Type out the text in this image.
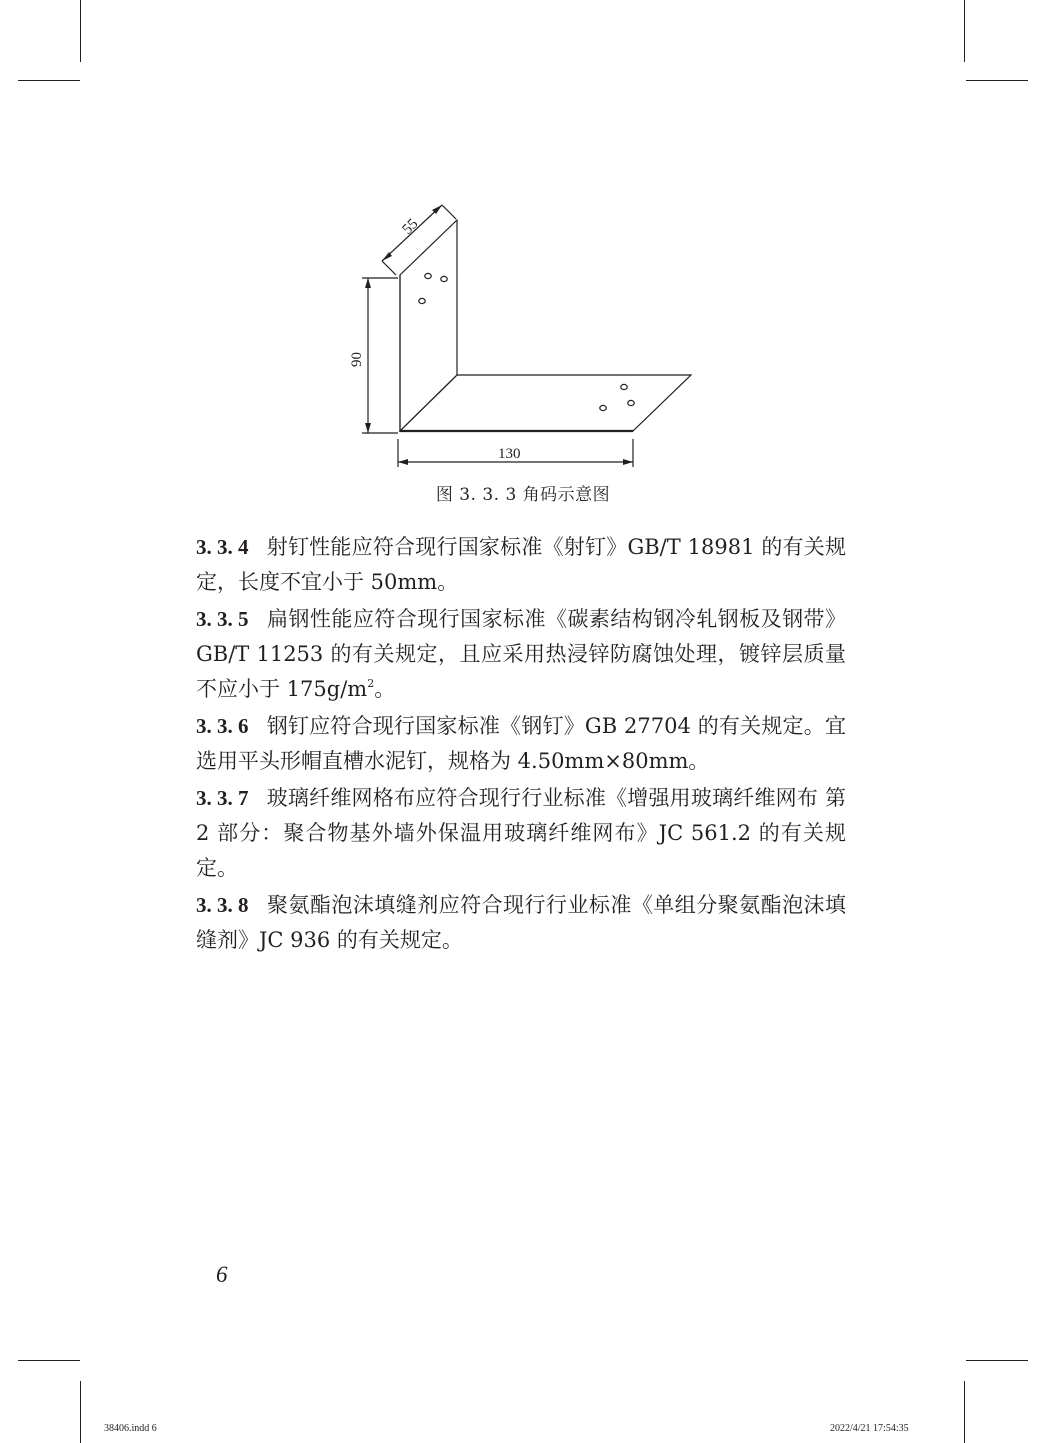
55
90
130
图 3. 3. 3 角码示意图

3. 3. 4 射钉性能应符合现行国家标准《射钉》GB/T 18981 的有关规定，长度不宜小于 50mm。

3. 3. 5 扁钢性能应符合现行国家标准《碳素结构钢冷轧钢板及钢带》GB/T 11253 的有关规定，且应采用热浸锌防腐蚀处理，镀锌层质量不应小于 $175g/m^2$。

3. 3. 6 钢钉应符合现行国家标准《钢钉》GB 27704 的有关规定。宜选用平头形帽直槽水泥钉，规格为 4.50mm×80mm。

3. 3. 7 玻璃纤维网格布应符合现行行业标准《增强用玻璃纤维网布 第 2 部分：聚合物基外墙外保温用玻璃纤维网布》JC 561.2 的有关规定。

3. 3. 8 聚氨酯泡沫填缝剂应符合现行行业标准《单组分聚氨酯泡沫填缝剂》JC 936 的有关规定。

6
38406.indd 6	2022/4/21 17:54:35
